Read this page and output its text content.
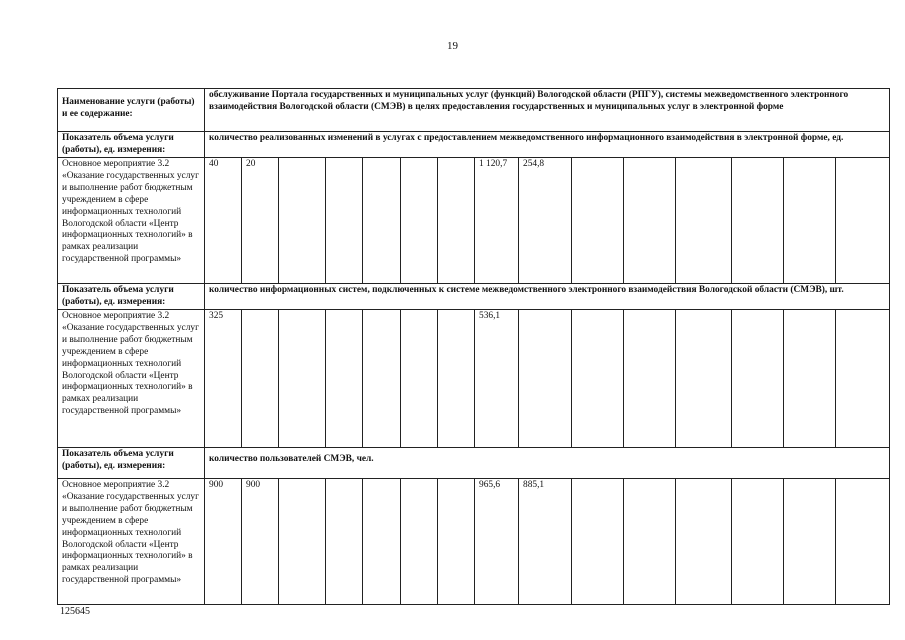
19
Наименование услуги (работы) и ее содержание:	обслуживание Портала государственных и муниципальных услуг (функций) Вологодской области (РПГУ), системы межведомственного электронного взаимодействия Вологодской области (СМЭВ) в целях предоставления государственных и муниципальных услуг в электронной форме														
Показатель объема услуги (работы), ед. измерения:	количество реализованных изменений в услугах с предоставлением межведомственного информационного взаимодействия в электронной форме, ед.														
Основное мероприятие 3.2 «Оказание государственных услуг и выполнение работ бюджетным учреждением в сфере информационных технологий Вологодской области «Центр информационных технологий» в рамках реализации государственной программы»	40	20						1 120,7	254,8						
Показатель объема услуги (работы), ед. измерения:	количество информационных систем, подключенных к системе межведомственного электронного взаимодействия Вологодской области (СМЭВ), шт.														
Основное мероприятие 3.2 «Оказание государственных услуг и выполнение работ бюджетным учреждением в сфере информационных технологий Вологодской области «Центр информационных технологий» в рамках реализации государственной программы»	325							536,1							
Показатель объема услуги (работы), ед. измерения:	количество пользователей СМЭВ, чел.														
Основное мероприятие 3.2 «Оказание государственных услуг и выполнение работ бюджетным учреждением в сфере информационных технологий Вологодской области «Центр информационных технологий» в рамках реализации государственной программы»	900	900						965,6	885,1						
125645
